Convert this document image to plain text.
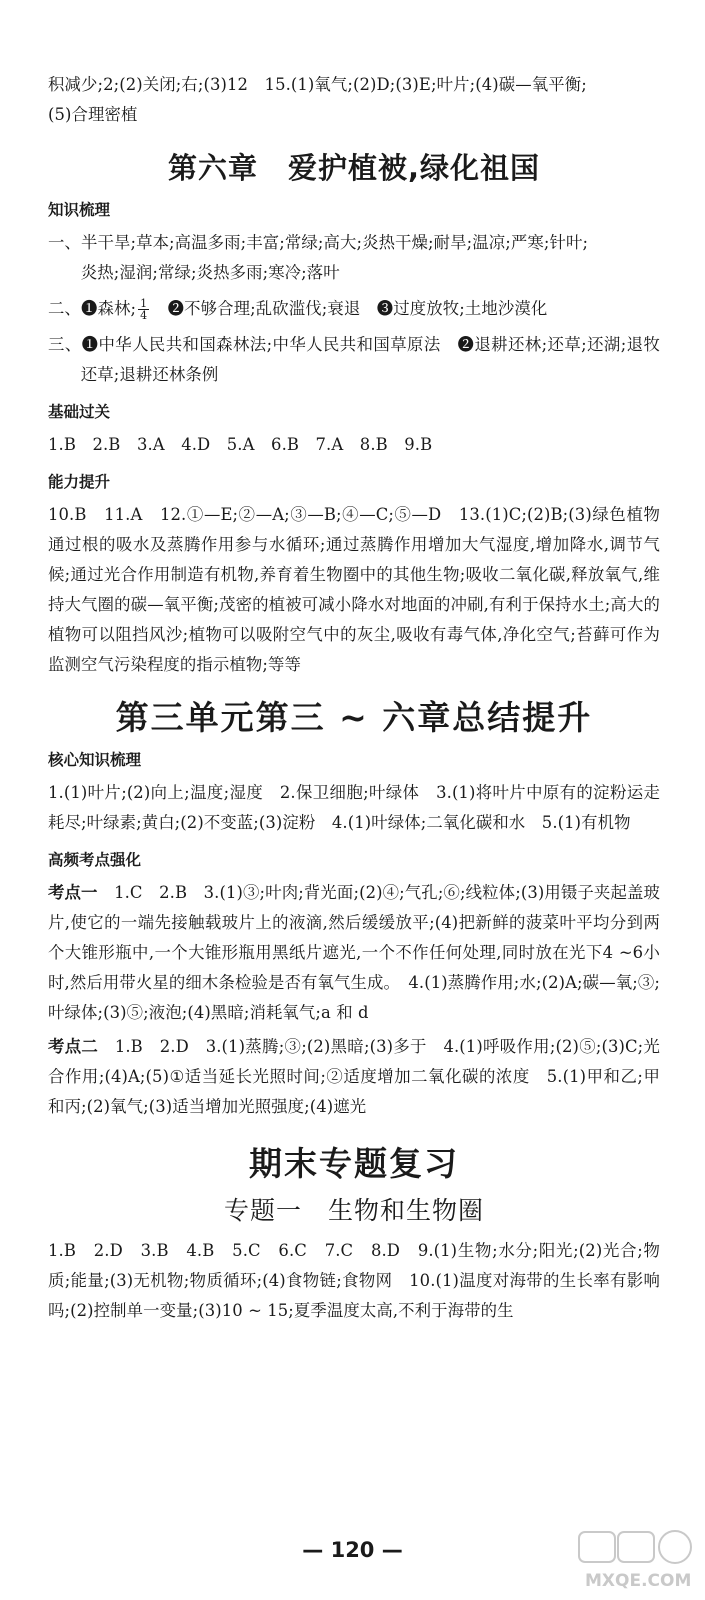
积减少;2;(2)关闭;右;(3)12　15.(1)氧气;(2)D;(3)E;叶片;(4)碳—氧平衡;

(5)合理密植

第六章　爱护植被,绿化祖国
知识梳理

一、半干旱;草本;高温多雨;丰富;常绿;高大;炎热干燥;耐旱;温凉;严寒;针叶;

炎热;湿润;常绿;炎热多雨;寒冷;落叶

二、❶森林; $\frac{1}{4}$ 　❷不够合理;乱砍滥伐;衰退　❸过度放牧;土地沙漠化

三、❶中华人民共和国森林法;中华人民共和国草原法　❷退耕还林;还草;还湖;退牧还草;退耕还林条例

基础过关

1.B　2.B　3.A　4.D　5.A　6.B　7.A　8.B　9.B

能力提升

10.B　11.A　12.①—E;②—A;③—B;④—C;⑤—D　13.(1)C;(2)B;(3)绿色植物通过根的吸水及蒸腾作用参与水循环;通过蒸腾作用增加大气湿度,增加降水,调节气候;通过光合作用制造有机物,养育着生物圈中的其他生物;吸收二氧化碳,释放氧气,维持大气圈的碳—氧平衡;茂密的植被可减小降水对地面的冲刷,有利于保持水土;高大的植物可以阻挡风沙;植物可以吸附空气中的灰尘,吸收有毒气体,净化空气;苔藓可作为监测空气污染程度的指示植物;等等

第三单元第三 ~ 六章总结提升
核心知识梳理

1.(1)叶片;(2)向上;温度;湿度　2.保卫细胞;叶绿体　3.(1)将叶片中原有的淀粉运走耗尽;叶绿素;黄白;(2)不变蓝;(3)淀粉　4.(1)叶绿体;二氧化碳和水　5.(1)有机物

高频考点强化

考点一　1.C　2.B　3.(1)③;叶肉;背光面;(2)④;气孔;⑥;线粒体;(3)用镊子夹起盖玻片,使它的一端先接触载玻片上的液滴,然后缓缓放平;(4)把新鲜的菠菜叶平均分到两个大锥形瓶中,一个大锥形瓶用黑纸片遮光,一个不作任何处理,同时放在光下4 ~6小时,然后用带火星的细木条检验是否有氧气生成。　4.(1)蒸腾作用;水;(2)A;碳—氧;③;叶绿体;(3)⑤;液泡;(4)黑暗;消耗氧气;a 和 d

考点二　1.B　2.D　3.(1)蒸腾;③;(2)黑暗;(3)多于　4.(1)呼吸作用;(2)⑤;(3)C;光合作用;(4)A;(5)①适当延长光照时间;②适度增加二氧化碳的浓度　5.(1)甲和乙;甲和丙;(2)氧气;(3)适当增加光照强度;(4)遮光

期末专题复习
专题一　生物和生物圈

1.B　2.D　3.B　4.B　5.C　6.C　7.C　8.D　9.(1)生物;水分;阳光;(2)光合;物质;能量;(3)无机物;物质循环;(4)食物链;食物网　10.(1)温度对海带的生长率有影响吗;(2)控制单一变量;(3)10 ~ 15;夏季温度太高,不利于海带的生

— 120 —
MXQE.COM
